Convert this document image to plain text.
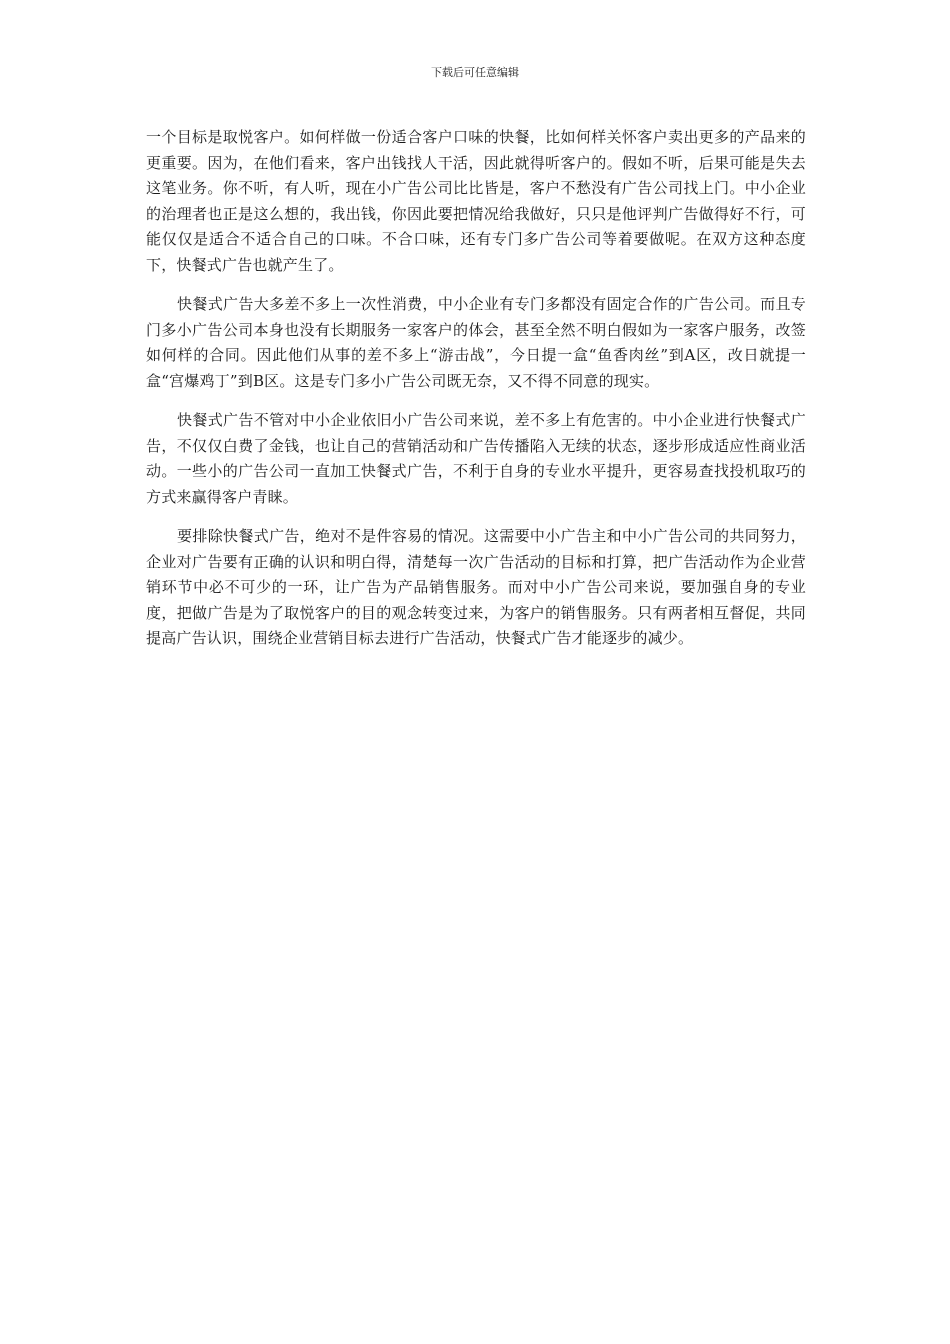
下载后可任意编辑

一个目标是取悦客户。如何样做一份适合客户口味的快餐，比如何样关怀客户卖出更多的产品来的更重要。因为，在他们看来，客户出钱找人干活，因此就得听客户的。假如不听，后果可能是失去这笔业务。你不听，有人听，现在小广告公司比比皆是，客户不愁没有广告公司找上门。中小企业的治理者也正是这么想的，我出钱，你因此要把情况给我做好，只只是他评判广告做得好不行，可能仅仅是适合不适合自己的口味。不合口味，还有专门多广告公司等着要做呢。在双方这种态度下，快餐式广告也就产生了。

快餐式广告大多差不多上一次性消费，中小企业有专门多都没有固定合作的广告公司。而且专门多小广告公司本身也没有长期服务一家客户的体会，甚至全然不明白假如为一家客户服务，改签如何样的合同。因此他们从事的差不多上“游击战”，今日提一盒“鱼香肉丝”到A区，改日就提一盒“宫爆鸡丁”到B区。这是专门多小广告公司既无奈，又不得不同意的现实。

快餐式广告不管对中小企业依旧小广告公司来说，差不多上有危害的。中小企业进行快餐式广告，不仅仅白费了金钱，也让自己的营销活动和广告传播陷入无续的状态，逐步形成适应性商业活动。一些小的广告公司一直加工快餐式广告，不利于自身的专业水平提升，更容易查找投机取巧的方式来赢得客户青睐。

要排除快餐式广告，绝对不是件容易的情况。这需要中小广告主和中小广告公司的共同努力，企业对广告要有正确的认识和明白得，清楚每一次广告活动的目标和打算，把广告活动作为企业营销环节中必不可少的一环，让广告为产品销售服务。而对中小广告公司来说，要加强自身的专业度，把做广告是为了取悦客户的目的观念转变过来，为客户的销售服务。只有两者相互督促，共同提高广告认识，围绕企业营销目标去进行广告活动，快餐式广告才能逐步的减少。
